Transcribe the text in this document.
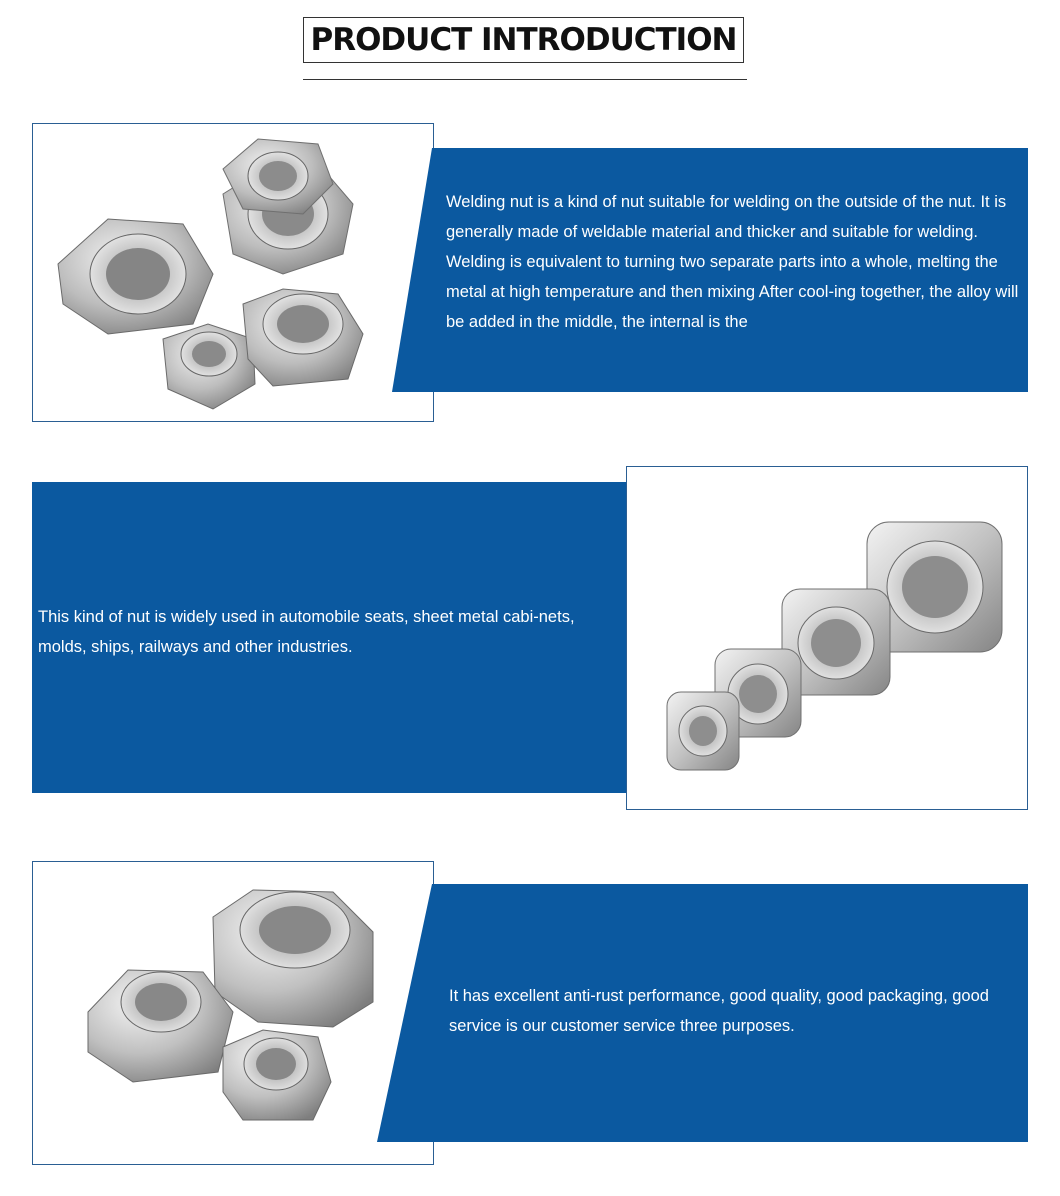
PRODUCT INTRODUCTION
Welding nut is a kind of nut suitable for welding on the outside of the nut. It is generally made of weldable material and thicker and suitable for welding. Welding is equivalent to turning two separate parts into a whole, melting the metal at high temperature and then mixing After cool-ing together, the alloy will be added in the middle, the internal is the
This kind of nut is widely used in automobile seats, sheet metal cabi-nets, molds, ships, railways and other industries.
It has excellent anti-rust performance, good quality, good packaging, good service is our customer service three purposes.
